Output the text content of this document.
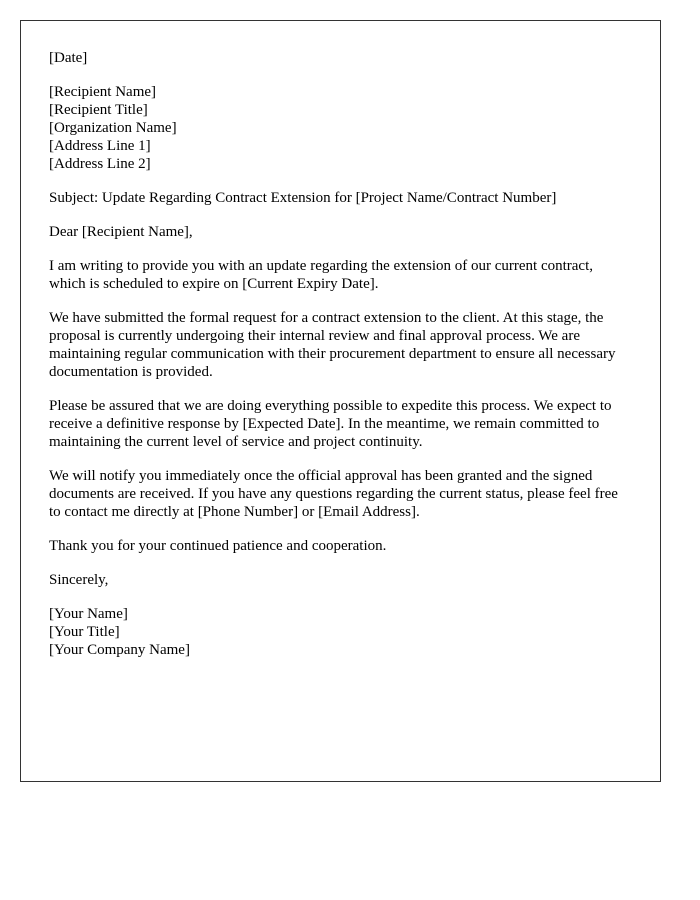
[Date]

[Recipient Name]
[Recipient Title]
[Organization Name]
[Address Line 1]
[Address Line 2]

Subject: Update Regarding Contract Extension for [Project Name/Contract Number]

Dear [Recipient Name],

I am writing to provide you with an update regarding the extension of our current contract, which is scheduled to expire on [Current Expiry Date].

We have submitted the formal request for a contract extension to the client. At this stage, the proposal is currently undergoing their internal review and final approval process. We are maintaining regular communication with their procurement department to ensure all necessary documentation is provided.

Please be assured that we are doing everything possible to expedite this process. We expect to receive a definitive response by [Expected Date]. In the meantime, we remain committed to maintaining the current level of service and project continuity.

We will notify you immediately once the official approval has been granted and the signed documents are received. If you have any questions regarding the current status, please feel free to contact me directly at [Phone Number] or [Email Address].

Thank you for your continued patience and cooperation.

Sincerely,

[Your Name]
[Your Title]
[Your Company Name]
